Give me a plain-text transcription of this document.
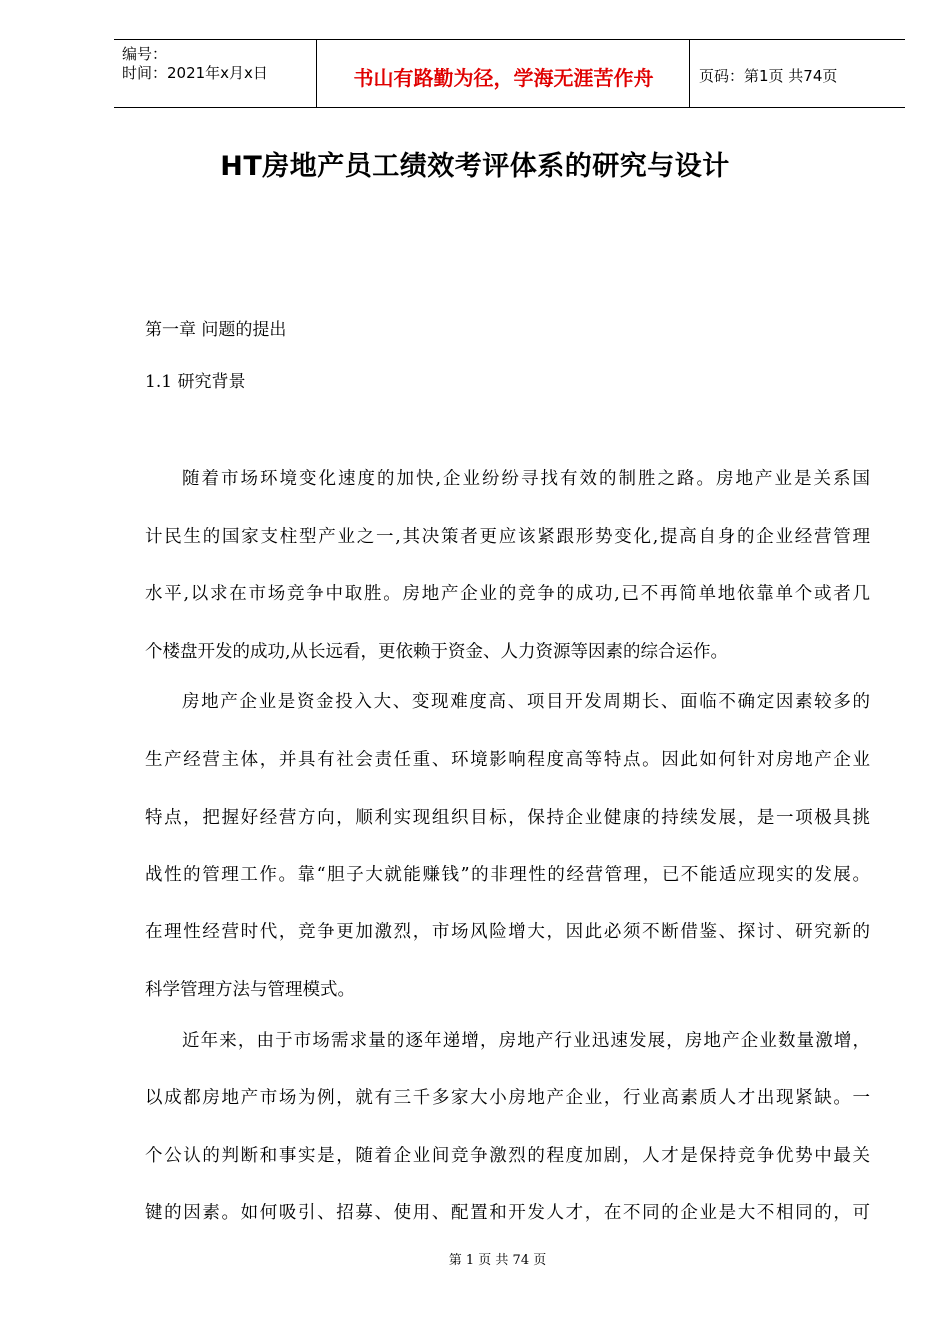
编号：
时间：2021年x月x日	书山有路勤为径，学海无涯苦作舟	页码：第1页 共74页
HT房地产员工绩效考评体系的研究与设计
第一章 问题的提出
1.1 研究背景
随着市场环境变化速度的加快,企业纷纷寻找有效的制胜之路。房地产业是关系国
计民生的国家支柱型产业之一,其决策者更应该紧跟形势变化,提高自身的企业经营管理
水平,以求在市场竞争中取胜。房地产企业的竞争的成功,已不再简单地依靠单个或者几
个楼盘开发的成功,从长远看，更依赖于资金、人力资源等因素的综合运作。
房地产企业是资金投入大、变现难度高、项目开发周期长、面临不确定因素较多的
生产经营主体，并具有社会责任重、环境影响程度高等特点。因此如何针对房地产企业
特点，把握好经营方向，顺利实现组织目标，保持企业健康的持续发展，是一项极具挑
战性的管理工作。靠“胆子大就能赚钱”的非理性的经营管理，已不能适应现实的发展。
在理性经营时代，竞争更加激烈，市场风险增大，因此必须不断借鉴、探讨、研究新的
科学管理方法与管理模式。
近年来，由于市场需求量的逐年递增，房地产行业迅速发展，房地产企业数量激增，
以成都房地产市场为例，就有三千多家大小房地产企业，行业高素质人才出现紧缺。一
个公认的判断和事实是，随着企业间竞争激烈的程度加剧，人才是保持竞争优势中最关
键的因素。如何吸引、招募、使用、配置和开发人才，在不同的企业是大不相同的，可
第 1 页 共 74 页
